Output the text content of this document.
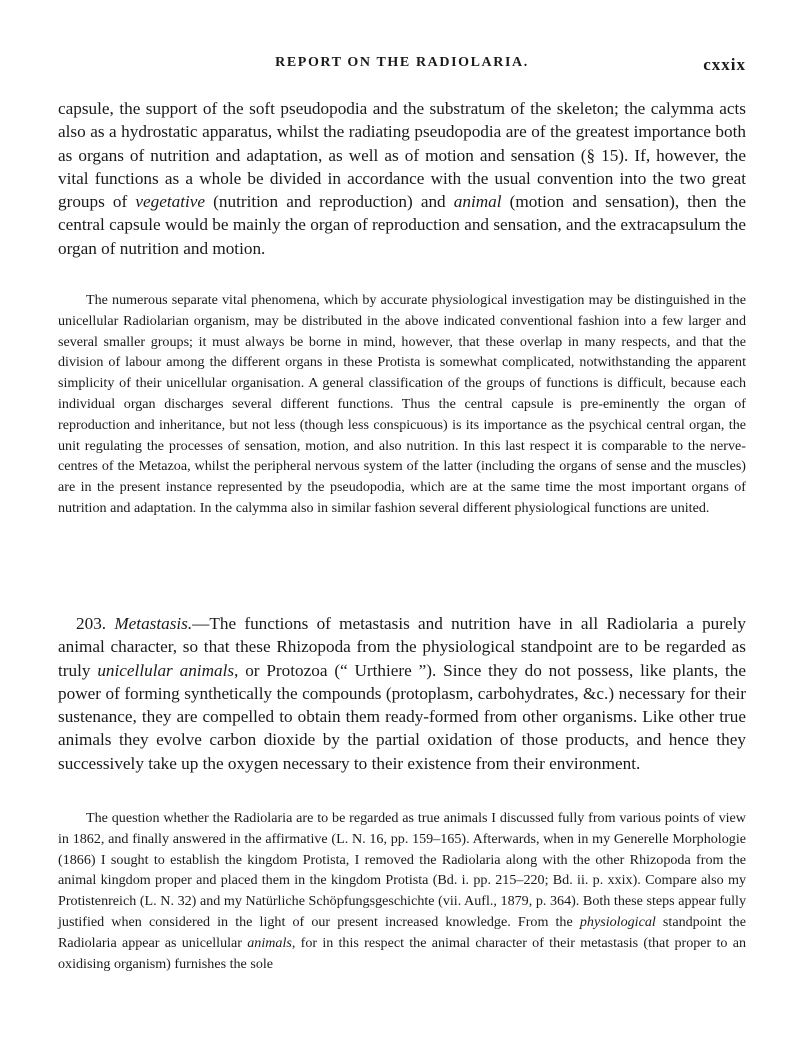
REPORT ON THE RADIOLARIA.	cxxix

capsule, the support of the soft pseudopodia and the substratum of the skeleton; the calymma acts also as a hydrostatic apparatus, whilst the radiating pseudopodia are of the greatest importance both as organs of nutrition and adaptation, as well as of motion and sensation (§ 15). If, however, the vital functions as a whole be divided in accordance with the usual convention into the two great groups of vegetative (nutrition and reproduction) and animal (motion and sensation), then the central capsule would be mainly the organ of reproduction and sensation, and the extracapsulum the organ of nutrition and motion.

The numerous separate vital phenomena, which by accurate physiological investigation may be distinguished in the unicellular Radiolarian organism, may be distributed in the above indicated conventional fashion into a few larger and several smaller groups; it must always be borne in mind, however, that these overlap in many respects, and that the division of labour among the different organs in these Protista is somewhat complicated, notwithstanding the apparent simplicity of their unicellular organisation. A general classification of the groups of functions is difficult, because each individual organ discharges several different functions. Thus the central capsule is pre-eminently the organ of reproduction and inheritance, but not less (though less conspicuous) is its importance as the psychical central organ, the unit regulating the processes of sensation, motion, and also nutrition. In this last respect it is comparable to the nerve-centres of the Metazoa, whilst the peripheral nervous system of the latter (including the organs of sense and the muscles) are in the present instance represented by the pseudopodia, which are at the same time the most important organs of nutrition and adaptation. In the calymma also in similar fashion several different physiological functions are united.

203. Metastasis.—The functions of metastasis and nutrition have in all Radiolaria a purely animal character, so that these Rhizopoda from the physiological standpoint are to be regarded as truly unicellular animals, or Protozoa (“ Urthiere ”). Since they do not possess, like plants, the power of forming synthetically the compounds (protoplasm, carbohydrates, &c.) necessary for their sustenance, they are compelled to obtain them ready-formed from other organisms. Like other true animals they evolve carbon dioxide by the partial oxidation of those products, and hence they successively take up the oxygen necessary to their existence from their environment.

The question whether the Radiolaria are to be regarded as true animals I discussed fully from various points of view in 1862, and finally answered in the affirmative (L. N. 16, pp. 159–165). Afterwards, when in my Generelle Morphologie (1866) I sought to establish the kingdom Protista, I removed the Radiolaria along with the other Rhizopoda from the animal kingdom proper and placed them in the kingdom Protista (Bd. i. pp. 215–220; Bd. ii. p. xxix). Compare also my Protistenreich (L. N. 32) and my Natürliche Schöpfungsgeschichte (vii. Aufl., 1879, p. 364). Both these steps appear fully justified when considered in the light of our present increased knowledge. From the physiological standpoint the Radiolaria appear as unicellular animals, for in this respect the animal character of their metastasis (that proper to an oxidising organism) furnishes the sole
